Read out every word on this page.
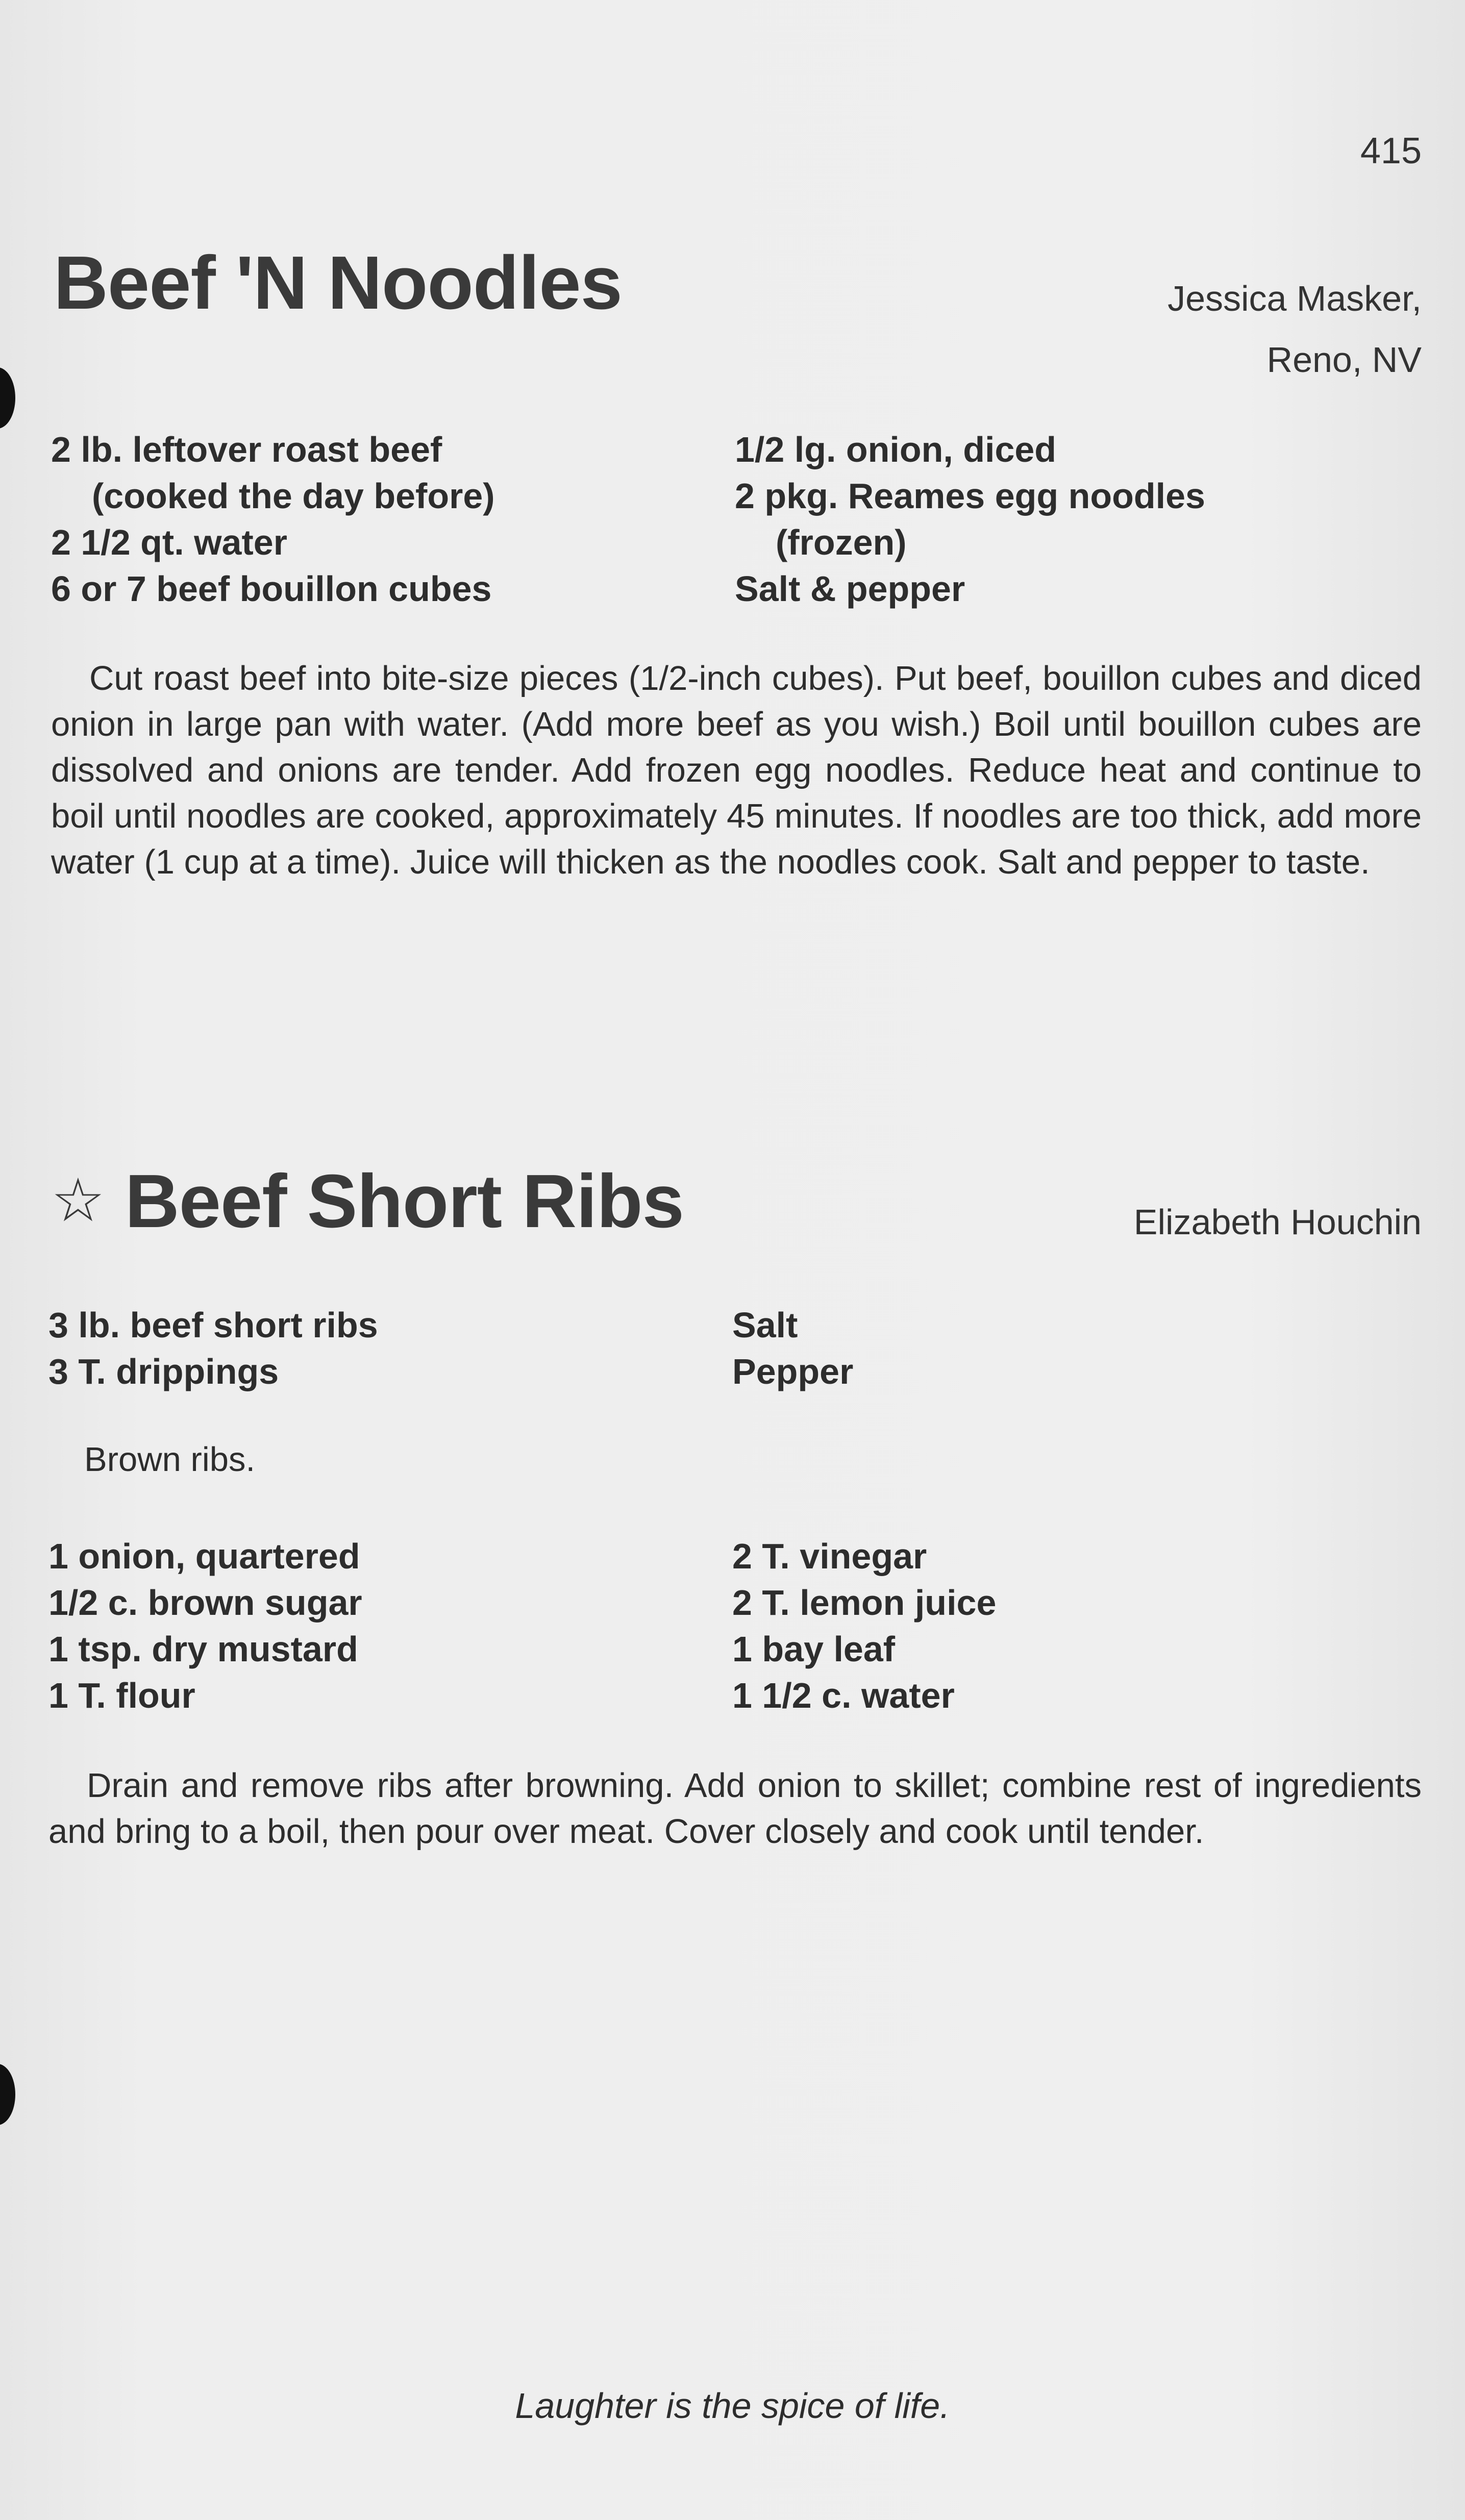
415
Beef 'N Noodles	Jessica Masker,
Reno, NV
2 lb. leftover roast beef
(cooked the day before)
2 1/2 qt. water
6 or 7 beef bouillon cubes
1/2 lg. onion, diced
2 pkg. Reames egg noodles
(frozen)
Salt & pepper
Cut roast beef into bite-size pieces (1/2-inch cubes). Put beef, bouillon cubes and diced onion in large pan with water. (Add more beef as you wish.) Boil until bouillon cubes are dissolved and onions are tender. Add frozen egg noodles. Reduce heat and continue to boil until noodles are cooked, approximately 45 minutes. If noodles are too thick, add more water (1 cup at a time). Juice will thicken as the noodles cook. Salt and pepper to taste.
☆ Beef Short Ribs	Elizabeth Houchin
3 lb. beef short ribs
3 T. drippings
Salt
Pepper
Brown ribs.
1 onion, quartered
1/2 c. brown sugar
1 tsp. dry mustard
1 T. flour
2 T. vinegar
2 T. lemon juice
1 bay leaf
1 1/2 c. water
Drain and remove ribs after browning. Add onion to skillet; combine rest of ingredients and bring to a boil, then pour over meat. Cover closely and cook until tender.
Laughter is the spice of life.
